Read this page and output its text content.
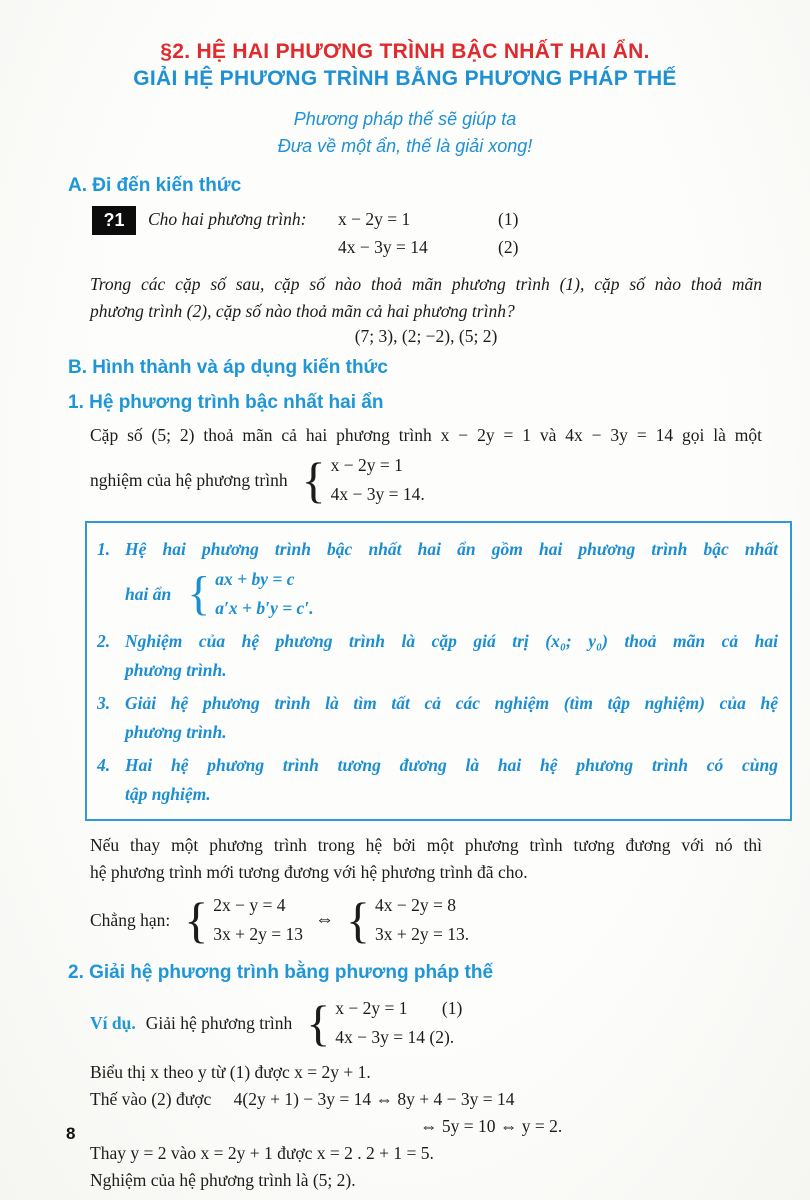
§2. HỆ HAI PHƯƠNG TRÌNH BẬC NHẤT HAI ẨN.
GIẢI HỆ PHƯƠNG TRÌNH BẰNG PHƯƠNG PHÁP THẾ
Phương pháp thế sẽ giúp ta
Đưa về một ẩn, thế là giải xong!
A. Đi đến kiến thức
?1	Cho hai phương trình: x − 2y = 1	(1)
4x − 3y = 14	(2)
Trong các cặp số sau, cặp số nào thoả mãn phương trình (1), cặp số nào thoả mãn
phương trình (2), cặp số nào thoả mãn cả hai phương trình?
(7; 3), (2; −2), (5; 2)
B. Hình thành và áp dụng kiến thức
1. Hệ phương trình bậc nhất hai ẩn
Cặp số (5; 2) thoả mãn cả hai phương trình x − 2y = 1 và 4x − 3y = 14 gọi là một
nghiệm của hệ phương trình { x − 2y = 1
4x − 3y = 14.
1. Hệ hai phương trình bậc nhất hai ẩn gồm hai phương trình bậc nhất
hai ẩn { ax + by = c
a′x + b′y = c′.
2. Nghiệm của hệ phương trình là cặp giá trị (x₀; y₀) thoả mãn cả hai
phương trình.
3. Giải hệ phương trình là tìm tất cả các nghiệm (tìm tập nghiệm) của hệ
phương trình.
4. Hai hệ phương trình tương đương là hai hệ phương trình có cùng
tập nghiệm.
Nếu thay một phương trình trong hệ bởi một phương trình tương đương với nó thì
hệ phương trình mới tương đương với hệ phương trình đã cho.
Chẳng hạn: { 2x − y = 4
3x + 2y = 13
⇔ { 4x − 2y = 8
3x + 2y = 13.
2. Giải hệ phương trình bằng phương pháp thế
Ví dụ. Giải hệ phương trình { x − 2y = 1 (1)
4x − 3y = 14 (2).
Biểu thị x theo y từ (1) được x = 2y + 1.
Thế vào (2) được 4(2y + 1) − 3y = 14 ⇔ 8y + 4 − 3y = 14
⇔ 5y = 10 ⇔ y = 2.
Thay y = 2 vào x = 2y + 1 được x = 2 . 2 + 1 = 5.
Nghiệm của hệ phương trình là (5; 2).
8
